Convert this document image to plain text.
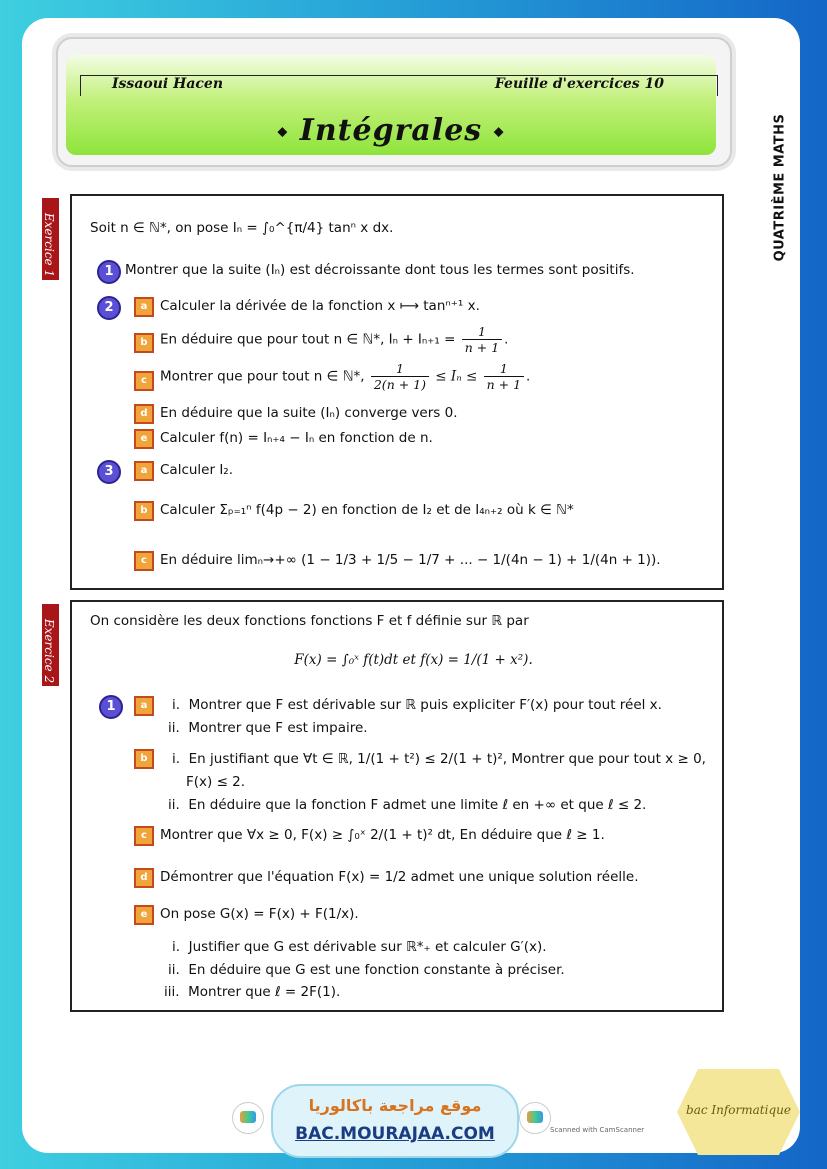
Issaoui Hacen	Feuille d'exercices 10
◆ Intégrales ◆	QUATRIÈME MATHS
Exercice 1	Soit n ∈ ℕ*, on pose Iₙ = ∫₀^{π/4} tanⁿ x dx.
1 Montrer que la suite (Iₙ) est décroissante dont tous les termes sont positifs.
2	a Calculer la dérivée de la fonction x ⟼ tanⁿ⁺¹ x.
b En déduire que pour tout n ∈ ℕ*, $I_n + I_{n+1} = \frac{1}{n + 1}$ .
c Montrer que pour tout n ∈ ℕ*, $\frac{1}{2(n + 1)} \le I_n \le \frac{1}{n + 1}$ .
d En déduire que la suite (Iₙ) converge vers 0.
e Calculer f(n) = Iₙ₊₄ − Iₙ en fonction de n.
3	a Calculer I₂.
b Calculer Σₚ₌₁ⁿ f(4p − 2) en fonction de I₂ et de I₄ₙ₊₂ où k ∈ ℕ*
c En déduire limₙ→+∞ (1 − 1/3 + 1/5 − 1/7 + ... − 1/(4n − 1) + 1/(4n + 1)).
Exercice 2	On considère les deux fonctions fonctions F et f définie sur ℝ par
F(x) = ∫₀ˣ f(t)dt et f(x) = 1/(1 + x²).
1	a	i. Montrer que F est dérivable sur ℝ puis expliciter F′(x) pour tout réel x.
ii. Montrer que F est impaire.
b	i. En justifiant que ∀t ∈ ℝ, 1/(1 + t²) ≤ 2/(1 + t)², Montrer que pour tout x ≥ 0,
F(x) ≤ 2.
ii. En déduire que la fonction F admet une limite ℓ en +∞ et que ℓ ≤ 2.
c Montrer que ∀x ≥ 0, F(x) ≥ ∫₀ˣ 2/(1 + t)² dt, En déduire que ℓ ≥ 1.
d Démontrer que l'équation F(x) = 1/2 admet une unique solution réelle.
e On pose G(x) = F(x) + F(1/x).
i. Justifier que G est dérivable sur ℝ*₊ et calculer G′(x).
ii. En déduire que G est une fonction constante à préciser.
iii. Montrer que ℓ = 2F(1).
موقع مراجعة باكالوريا
BAC.MOURAJAA.COM	Scanned with CamScanner
bac Informatique
